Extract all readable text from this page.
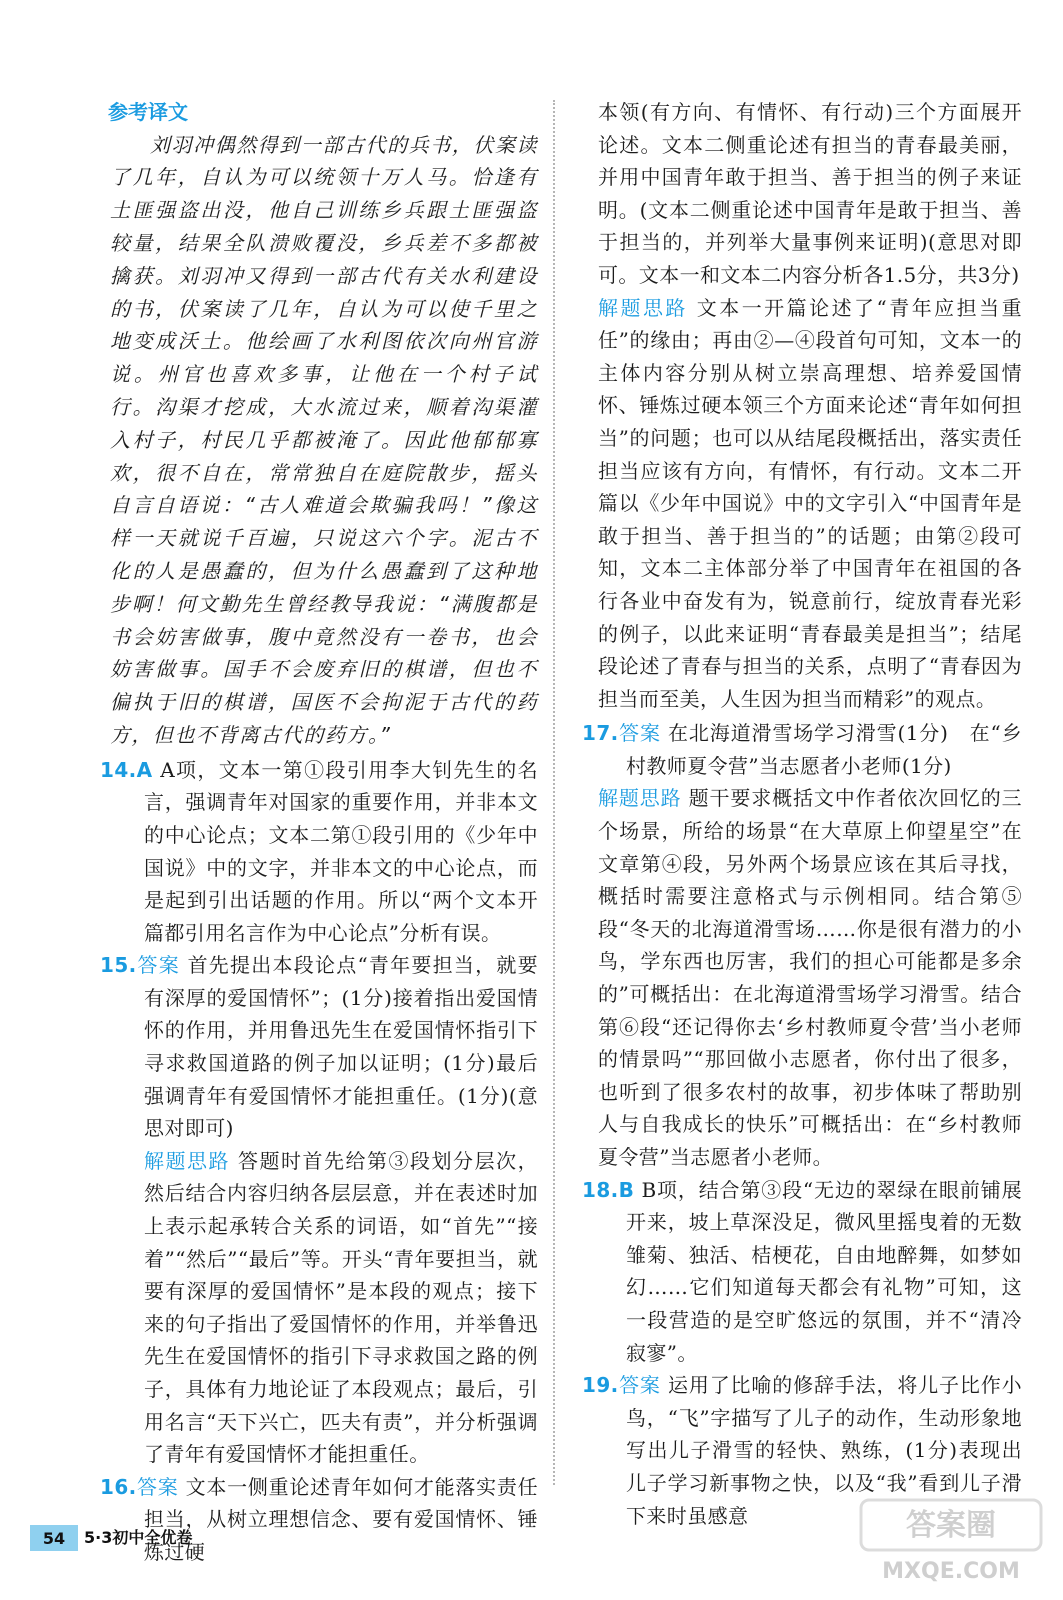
参考译文

刘羽冲偶然得到一部古代的兵书，伏案读了几年，自认为可以统领十万人马。恰逢有土匪强盗出没，他自己训练乡兵跟土匪强盗较量，结果全队溃败覆没，乡兵差不多都被擒获。刘羽冲又得到一部古代有关水利建设的书，伏案读了几年，自认为可以使千里之地变成沃土。他绘画了水利图依次向州官游说。州官也喜欢多事，让他在一个村子试行。沟渠才挖成，大水流过来，顺着沟渠灌入村子，村民几乎都被淹了。因此他郁郁寡欢，很不自在，常常独自在庭院散步，摇头自言自语说：“古人难道会欺骗我吗！”像这样一天就说千百遍，只说这六个字。泥古不化的人是愚蠢的，但为什么愚蠢到了这种地步啊！何文勤先生曾经教导我说：“满腹都是书会妨害做事，腹中竟然没有一卷书，也会妨害做事。国手不会废弃旧的棋谱，但也不偏执于旧的棋谱，国医不会拘泥于古代的药方，但也不背离古代的药方。”

14.A A项，文本一第①段引用李大钊先生的名言，强调青年对国家的重要作用，并非本文的中心论点；文本二第①段引用的《少年中国说》中的文字，并非本文的中心论点，而是起到引出话题的作用。所以“两个文本开篇都引用名言作为中心论点”分析有误。

15.答案 首先提出本段论点“青年要担当，就要有深厚的爱国情怀”；(1分)接着指出爱国情怀的作用，并用鲁迅先生在爱国情怀指引下寻求救国道路的例子加以证明；(1分)最后强调青年有爱国情怀才能担重任。(1分)(意思对即可)

解题思路 答题时首先给第③段划分层次，然后结合内容归纳各层层意，并在表述时加上表示起承转合关系的词语，如“首先”“接着”“然后”“最后”等。开头“青年要担当，就要有深厚的爱国情怀”是本段的观点；接下来的句子指出了爱国情怀的作用，并举鲁迅先生在爱国情怀的指引下寻求救国之路的例子，具体有力地论证了本段观点；最后，引用名言“天下兴亡，匹夫有责”，并分析强调了青年有爱国情怀才能担重任。

16.答案 文本一侧重论述青年如何才能落实责任担当，从树立理想信念、要有爱国情怀、锤炼过硬

本领(有方向、有情怀、有行动)三个方面展开论述。文本二侧重论述有担当的青春最美丽，并用中国青年敢于担当、善于担当的例子来证明。(文本二侧重论述中国青年是敢于担当、善于担当的，并列举大量事例来证明)(意思对即可。文本一和文本二内容分析各1.5分，共3分)

解题思路 文本一开篇论述了“青年应担当重任”的缘由；再由②—④段首句可知，文本一的主体内容分别从树立崇高理想、培养爱国情怀、锤炼过硬本领三个方面来论述“青年如何担当”的问题；也可以从结尾段概括出，落实责任担当应该有方向，有情怀，有行动。文本二开篇以《少年中国说》中的文字引入“中国青年是敢于担当、善于担当的”的话题；由第②段可知，文本二主体部分举了中国青年在祖国的各行各业中奋发有为，锐意前行，绽放青春光彩的例子，以此来证明“青春最美是担当”；结尾段论述了青春与担当的关系，点明了“青春因为担当而至美，人生因为担当而精彩”的观点。

17.答案 在北海道滑雪场学习滑雪(1分)　在“乡村教师夏令营”当志愿者小老师(1分)

解题思路 题干要求概括文中作者依次回忆的三个场景，所给的场景“在大草原上仰望星空”在文章第④段，另外两个场景应该在其后寻找，概括时需要注意格式与示例相同。结合第⑤段“冬天的北海道滑雪场……你是很有潜力的小鸟，学东西也厉害，我们的担心可能都是多余的”可概括出：在北海道滑雪场学习滑雪。结合第⑥段“还记得你去‘乡村教师夏令营’当小老师的情景吗”“那回做小志愿者，你付出了很多，也听到了很多农村的故事，初步体味了帮助别人与自我成长的快乐”可概括出：在“乡村教师夏令营”当志愿者小老师。

18.B B项，结合第③段“无边的翠绿在眼前铺展开来，坡上草深没足，微风里摇曳着的无数雏菊、独活、桔梗花，自由地醉舞，如梦如幻……它们知道每天都会有礼物”可知，这一段营造的是空旷悠远的氛围，并不“清冷寂寥”。

19.答案 运用了比喻的修辞手法，将儿子比作小鸟，“飞”字描写了儿子的动作，生动形象地写出儿子滑雪的轻快、熟练，(1分)表现出儿子学习新事物之快，以及“我”看到儿子滑下来时虽感意

54	5·3初中全优卷	答案圈
MXQE.COM
